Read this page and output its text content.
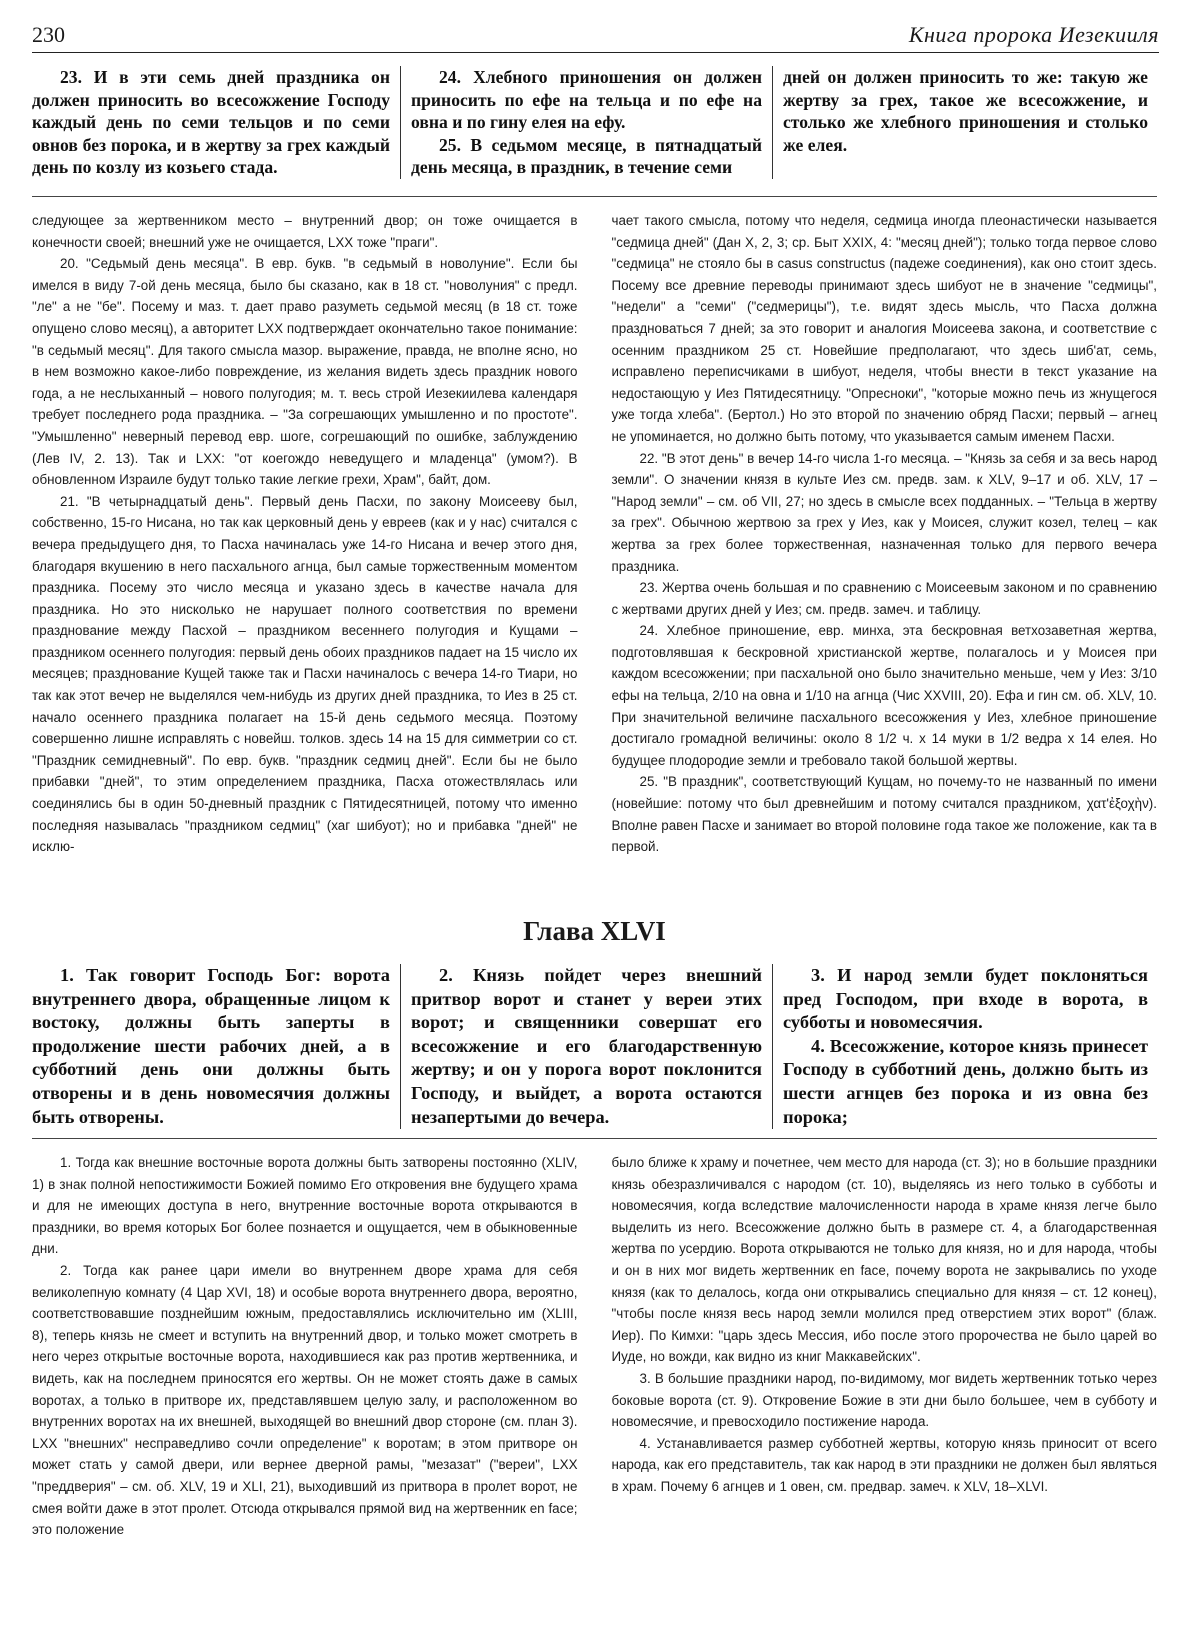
230	Книга пророка Иезекииля

23. И в эти семь дней праздника он должен приносить во всесожжение Господу каждый день по семи тельцов и по семи овнов без порока, и в жертву за грех каждый день по козлу из козьего стада.

24. Хлебного приношения он должен приносить по ефе на тельца и по ефе на овна и по гину елея на ефу.

25. В седьмом месяце, в пятнадцатый день месяца, в праздник, в течение семи

дней он должен приносить то же: такую же жертву за грех, такое же всесожжение, и столько же хлебного приношения и столько же елея.

следующее за жертвенником место – внутренний двор; он тоже очищается в конечности своей; внешний уже не очищается, LXX тоже "праги".

20. "Седьмый день месяца". В евр. букв. "в седьмый в новолуние". Если бы имелся в виду 7-ой день месяца, было бы сказано, как в 18 ст. "новолуния" с предл. "ле" а не "бе". Посему и маз. т. дает право разуметь седьмой месяц (в 18 ст. тоже опущено слово месяц), а авторитет LXX подтверждает окончательно такое понимание: "в седьмый месяц". Для такого смысла мазор. выражение, правда, не вполне ясно, но в нем возможно какое-либо повреждение, из желания видеть здесь праздник нового года, а не неслыханный – нового полугодия; м. т. весь строй Иезекиилева календаря требует последнего рода праздника. – "За согрешающих умышленно и по простоте". "Умышленно" неверный перевод евр. шоге, согрешающий по ошибке, заблуждению (Лев IV, 2. 13). Так и LXX: "от коегождо неведущего и младенца" (умом?). В обновленном Израиле будут только такие легкие грехи, Храм", байт, дом.

21. "В четырнадцатый день". Первый день Пасхи, по закону Моисееву был, собственно, 15-го Нисана, но так как церковный день у евреев (как и у нас) считался с вечера предыдущего дня, то Пасха начиналась уже 14-го Нисана и вечер этого дня, благодаря вкушению в него пасхального агнца, был самые торжественным моментом праздника. Посему это число месяца и указано здесь в качестве начала для праздника. Но это нисколько не нарушает полного соответствия по времени празднование между Пасхой – праздником весеннего полугодия и Кущами – праздником осеннего полугодия: первый день обоих праздников падает на 15 число их месяцев; празднование Кущей также так и Пасхи начиналось с вечера 14-го Тиари, но так как этот вечер не выделялся чем-нибудь из других дней праздника, то Иез в 25 ст. начало осеннего праздника полагает на 15-й день седьмого месяца. Поэтому совершенно лишне исправлять с новейш. толков. здесь 14 на 15 для симметрии со ст. "Праздник семидневный". По евр. букв. "праздник седмиц дней". Если бы не было прибавки "дней", то этим определением праздника, Пасха отожествлялась или соединялись бы в один 50-дневный праздник с Пятидесятницей, потому что именно последняя называлась "праздником седмиц" (хаг шибуот); но и прибавка "дней" не исклю-

чает такого смысла, потому что неделя, седмица иногда плеонастически называется "седмица дней" (Дан X, 2, 3; ср. Быт XXIX, 4: "месяц дней"); только тогда первое слово "седмица" не стояло бы в casus constructus (падеже соединения), как оно стоит здесь. Посему все древние переводы принимают здесь шибуот не в значение "седмицы", "недели" а "семи" ("седмерицы"), т.е. видят здесь мысль, что Пасха должна праздноваться 7 дней; за это говорит и аналогия Моисеева закона, и соответствие с осенним праздником 25 ст. Новейшие предполагают, что здесь шиб'ат, семь, исправлено переписчиками в шибуот, неделя, чтобы внести в текст указание на недостающую у Иез Пятидесятницу. "Опресноки", "которые можно печь из жнущегося уже тогда хлеба". (Бертол.) Но это второй по значению обряд Пасхи; первый – агнец не упоминается, но должно быть потому, что указывается самым именем Пасхи.

22. "В этот день" в вечер 14-го числа 1-го месяца. – "Князь за себя и за весь народ земли". О значении князя в культе Иез см. предв. зам. к XLV, 9–17 и об. XLV, 17 – "Народ земли" – см. об VII, 27; но здесь в смысле всех подданных. – "Тельца в жертву за грех". Обычною жертвою за грех у Иез, как у Моисея, служит козел, телец – как жертва за грех более торжественная, назначенная только для первого вечера праздника.

23. Жертва очень большая и по сравнению с Моисеевым законом и по сравнению с жертвами других дней у Иез; см. предв. замеч. и таблицу.

24. Хлебное приношение, евр. минха, эта бескровная ветхозаветная жертва, подготовлявшая к бескровной христианской жертве, полагалось и у Моисея при каждом всесожжении; при пасхальной оно было значительно меньше, чем у Иез: 3/10 ефы на тельца, 2/10 на овна и 1/10 на агнца (Чис XXVIII, 20). Ефа и гин см. об. XLV, 10. При значительной величине пасхального всесожжения у Иез, хлебное приношение достигало громадной величины: около 8 1/2 ч. х 14 муки в 1/2 ведра х 14 елея. Но будущее плодородие земли и требовало такой большой жертвы.

25. "В праздник", соответствующий Кущам, но почему-то не названный по имени (новейшие: потому что был древнейшим и потому считался праздником, χατ'ἐξοχὴν). Вполне равен Пасхе и занимает во второй половине года такое же положение, как та в первой.

Глава XLVI

1. Так говорит Господь Бог: ворота внутреннего двора, обращенные лицом к востоку, должны быть заперты в продолжение шести рабочих дней, а в субботний день они должны быть отворены и в день новомесячия должны быть отворены.

2. Князь пойдет через внешний притвор ворот и станет у вереи этих ворот; и священники совершат его всесожжение и его благодарственную жертву; и он у порога ворот поклонится Господу, и выйдет, а ворота остаются незапертыми до вечера.

3. И народ земли будет поклоняться пред Господом, при входе в ворота, в субботы и новомесячия.

4. Всесожжение, которое князь принесет Господу в субботний день, должно быть из шести агнцев без порока и из овна без порока;

1. Тогда как внешние восточные ворота должны быть затворены постоянно (XLIV, 1) в знак полной непостижимости Божией помимо Его откровения вне будущего храма и для не имеющих доступа в него, внутренние восточные ворота открываются в праздники, во время которых Бог более познается и ощущается, чем в обыкновенные дни.

2. Тогда как ранее цари имели во внутреннем дворе храма для себя великолепную комнату (4 Цар XVI, 18) и особые ворота внутреннего двора, вероятно, соответствовавшие позднейшим южным, предоставлялись исключительно им (XLIII, 8), теперь князь не смеет и вступить на внутренний двор, и только может смотреть в него через открытые восточные ворота, находившиеся как раз против жертвенника, и видеть, как на последнем приносятся его жертвы. Он не может стоять даже в самых воротах, а только в притворе их, представлявшем целую залу, и расположенном во внутренних воротах на их внешней, выходящей во внешний двор стороне (см. план 3). LXX "внешних" несправедливо сочли определение" к воротам; в этом притворе он может стать у самой двери, или вернее дверной рамы, "мезазат" ("вереи", LXX "преддверия" – см. об. XLV, 19 и XLI, 21), выходивший из притвора в пролет ворот, не смея войти даже в этот пролет. Отсюда открывался прямой вид на жертвенник en face; это положение

было ближе к храму и почетнее, чем место для народа (ст. 3); но в большие праздники князь обезразличивался с народом (ст. 10), выделяясь из него только в субботы и новомесячия, когда вследствие малочисленности народа в храме князя легче было выделить из него. Всесожжение должно быть в размере ст. 4, а благодарственная жертва по усердию. Ворота открываются не только для князя, но и для народа, чтобы и он в них мог видеть жертвенник en face, почему ворота не закрывались по уходе князя (как то делалось, когда они открывались специально для князя – ст. 12 конец), "чтобы после князя весь народ земли молился пред отверстием этих ворот" (блаж. Иер). По Кимхи: "царь здесь Мессия, ибо после этого пророчества не было царей во Иуде, но вожди, как видно из книг Маккавейских".

3. В большие праздники народ, по-видимому, мог видеть жертвенник тотько через боковые ворота (ст. 9). Откровение Божие в эти дни было большее, чем в субботу и новомесячие, и превосходило постижение народа.

4. Устанавливается размер субботней жертвы, которую князь приносит от всего народа, как его представитель, так как народ в эти праздники не должен был являться в храм. Почему 6 агнцев и 1 овен, см. предвар. замеч. к XLV, 18–XLVI.
